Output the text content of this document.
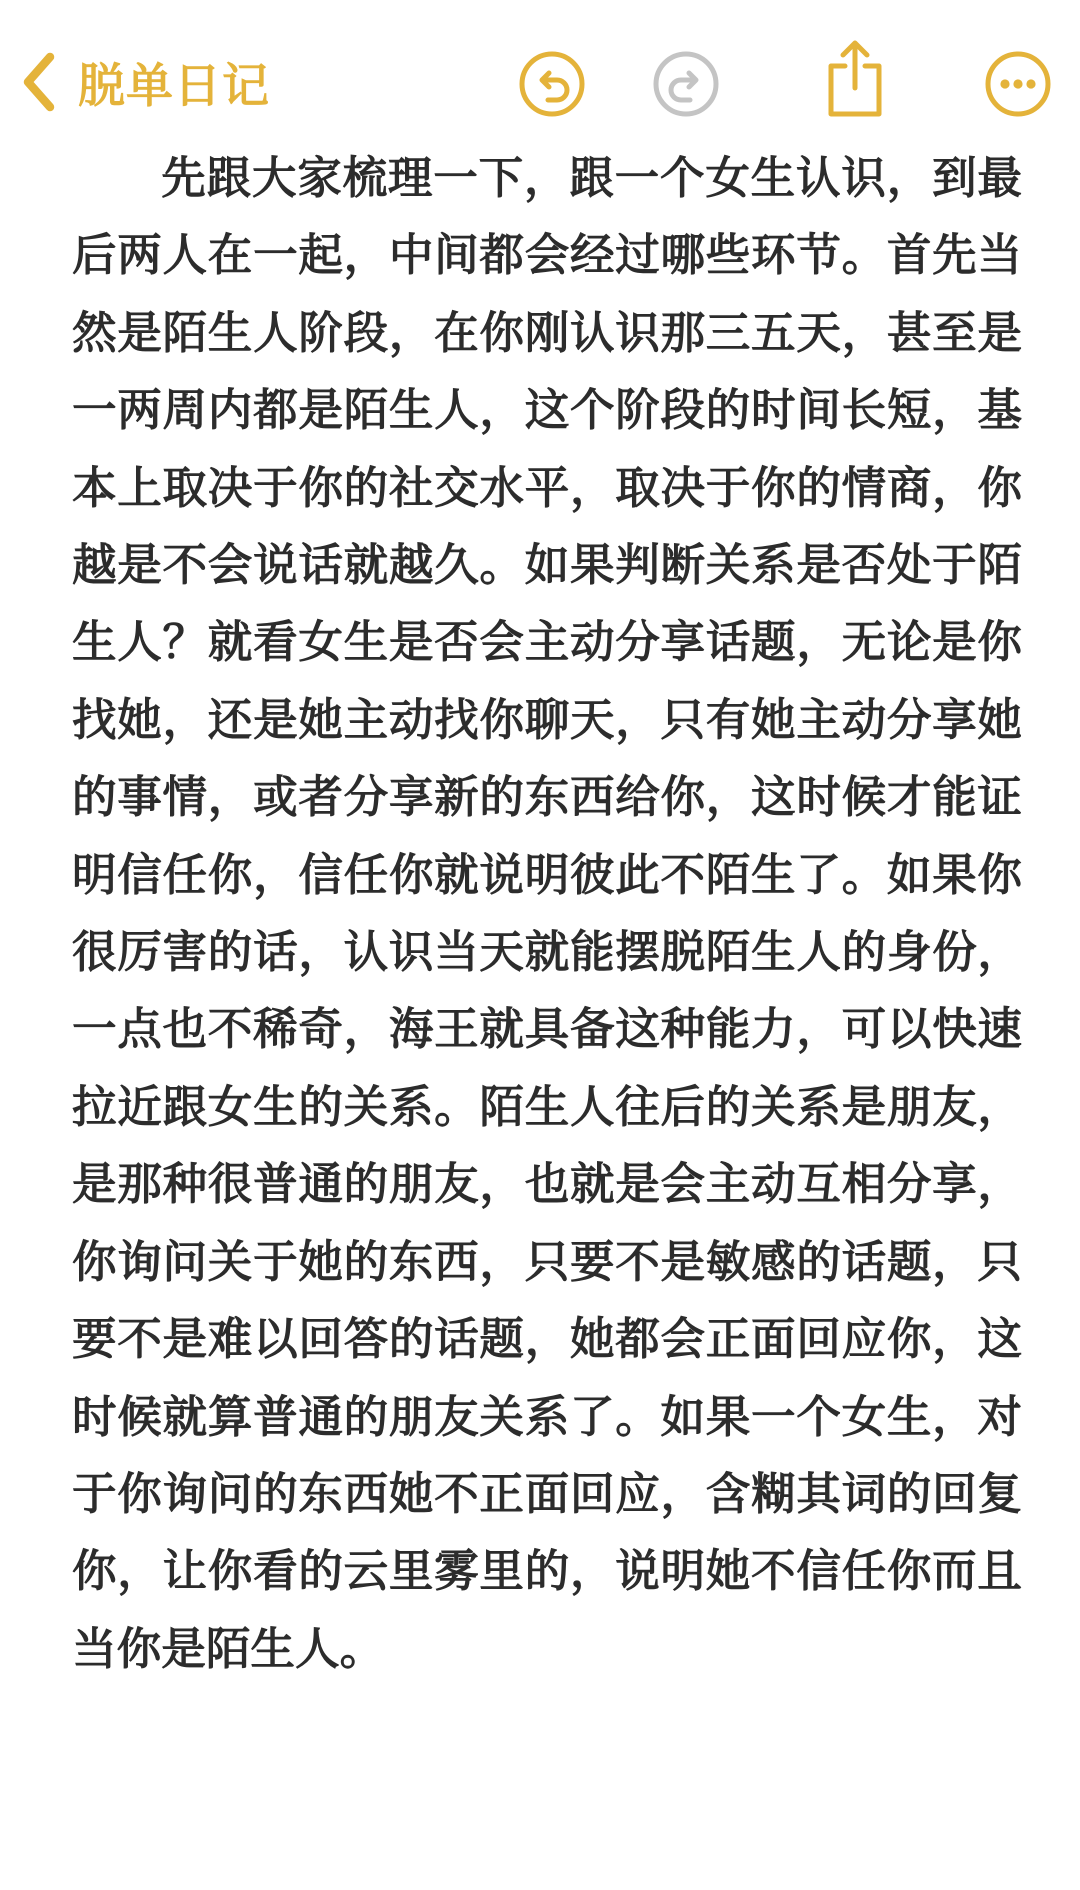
脱单日记

先跟大家梳理一下，跟一个女生认识，到最后两人在一起，中间都会经过哪些环节。首先当然是陌生人阶段，在你刚认识那三五天，甚至是一两周内都是陌生人，这个阶段的时间长短，基本上取决于你的社交水平，取决于你的情商，你越是不会说话就越久。如果判断关系是否处于陌生人？就看女生是否会主动分享话题，无论是你找她，还是她主动找你聊天，只有她主动分享她的事情，或者分享新的东西给你，这时候才能证明信任你，信任你就说明彼此不陌生了。如果你很厉害的话，认识当天就能摆脱陌生人的身份，一点也不稀奇，海王就具备这种能力，可以快速拉近跟女生的关系。陌生人往后的关系是朋友，是那种很普通的朋友，也就是会主动互相分享，你询问关于她的东西，只要不是敏感的话题，只要不是难以回答的话题，她都会正面回应你，这时候就算普通的朋友关系了。如果一个女生，对于你询问的东西她不正面回应，含糊其词的回复你，让你看的云里雾里的，说明她不信任你而且当你是陌生人。
